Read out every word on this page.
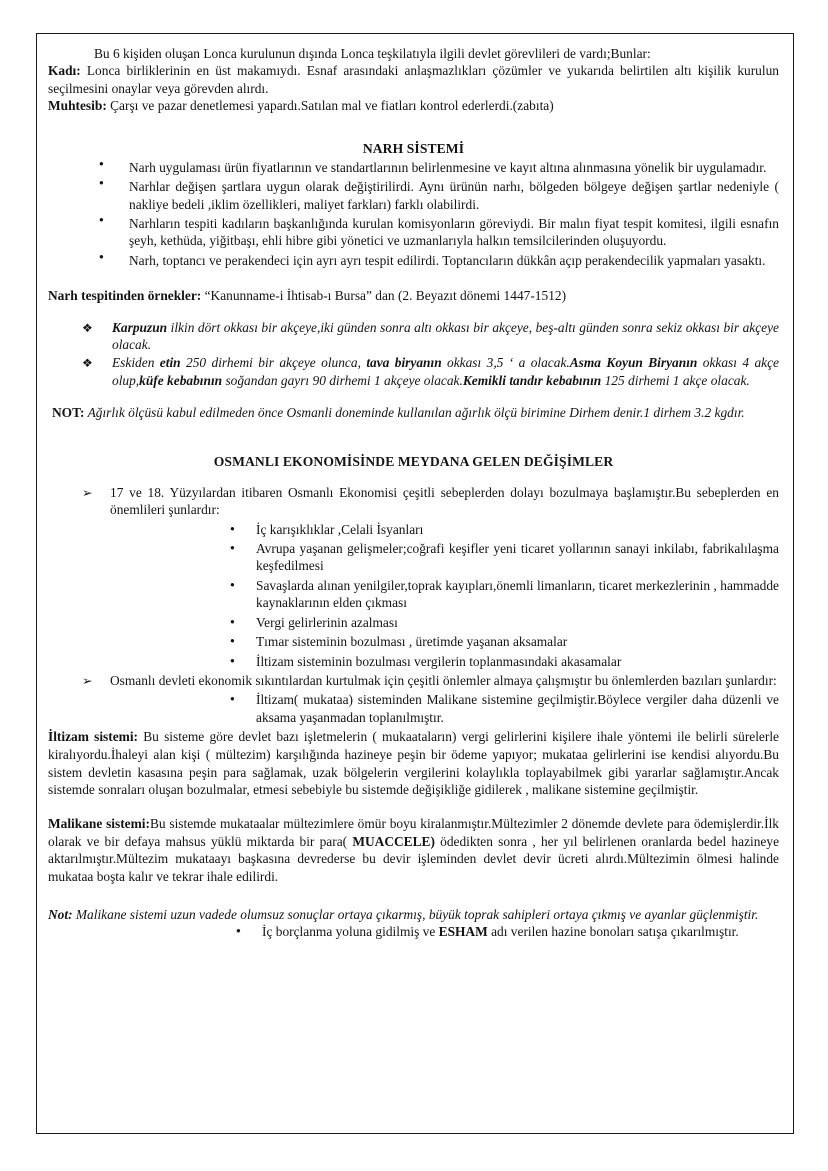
Bu 6 kişiden oluşan Lonca kurulunun dışında Lonca teşkilatıyla ilgili devlet görevlileri de vardı;Bunlar:

Kadı: Lonca birliklerinin en üst makamıydı. Esnaf arasındaki anlaşmazlıkları çözümler ve yukarıda belirtilen altı kişilik kurulun seçilmesini onaylar veya görevden alırdı.

Muhtesib: Çarşı ve pazar denetlemesi yapardı.Satılan mal ve fiatları kontrol ederlerdi.(zabıta)

NARH SİSTEMİ
●
Narh uygulaması ürün fiyatlarının ve standartlarının belirlenmesine ve kayıt altına alınmasına yönelik bir uygulamadır.
●
Narhlar değişen şartlara uygun olarak değiştirilirdi. Aynı ürünün narhı, bölgeden bölgeye değişen şartlar nedeniyle ( nakliye bedeli ,iklim özellikleri, maliyet farkları) farklı olabilirdi.
●
Narhların tespiti kadıların başkanlığında kurulan komisyonların göreviydi. Bir malın fiyat tespit komitesi, ilgili esnafın şeyh, kethüda, yiğitbaşı, ehli hibre gibi yönetici ve uzmanlarıyla halkın temsilcilerinden oluşuyordu.
●
Narh, toptancı ve perakendeci için ayrı ayrı tespit edilirdi. Toptancıların dükkân açıp perakendecilik yapmaları yasaktı.

Narh tespitinden örnekler: “Kanunname-i İhtisab-ı Bursa” dan (2. Beyazıt dönemi 1447-1512)

❖
Karpuzun ilkin dört okkası bir akçeye,iki günden sonra altı okkası bir akçeye, beş-altı günden sonra sekiz okkası bir akçeye olacak.
❖
Eskiden etin 250 dirhemi bir akçeye olunca, tava biryanın okkası 3,5 ‘ a olacak.Asma Koyun Biryanın okkası 4 akçe olup,küfe kebabının soğandan gayrı 90 dirhemi 1 akçeye olacak.Kemikli tandır kebabının 125 dirhemi 1 akçe olacak.

NOT: Ağırlık ölçüsü kabul edilmeden önce Osmanli doneminde kullanılan ağırlık ölçü birimine Dirhem denir.1 dirhem 3.2 kgdır.

OSMANLI EKONOMİSİNDE MEYDANA GELEN DEĞİŞİMLER
➢
17 ve 18. Yüzyılardan itibaren Osmanlı Ekonomisi çeşitli sebeplerden dolayı bozulmaya başlamıştır.Bu sebeplerden en önemlileri şunlardır:
●
İç karışıklıklar ,Celali İsyanları
●
Avrupa yaşanan gelişmeler;coğrafi keşifler yeni ticaret yollarının sanayi inkilabı, fabrikalılaşma keşfedilmesi
●
Savaşlarda alınan yenilgiler,toprak kayıpları,önemli limanların, ticaret merkezlerinin , hammadde kaynaklarının elden çıkması
●
Vergi gelirlerinin azalması
●
Tımar sisteminin bozulması , üretimde yaşanan aksamalar
●
İltizam sisteminin bozulması vergilerin toplanmasındaki akasamalar
➢
Osmanlı devleti ekonomik sıkıntılardan kurtulmak için çeşitli önlemler almaya çalışmıştır bu önlemlerden bazıları şunlardır:
●
İltizam( mukataa) sisteminden Malikane sistemine geçilmiştir.Böylece vergiler daha düzenli ve aksama yaşanmadan toplanılmıştır.

İltizam sistemi: Bu sisteme göre devlet bazı işletmelerin ( mukaataların) vergi gelirlerini kişilere ihale yöntemi ile belirli sürelerle kiralıyordu.İhaleyi alan kişi ( mültezim) karşılığında hazineye peşin bir ödeme yapıyor; mukataa gelirlerini ise kendisi alıyordu.Bu sistem devletin kasasına peşin para sağlamak, uzak bölgelerin vergilerini kolaylıkla toplayabilmek gibi yararlar sağlamıştır.Ancak sistemde sonraları oluşan bozulmalar, etmesi sebebiyle bu sistemde değişikliğe gidilerek , malikane sistemine geçilmiştir.

Malikane sistemi:Bu sistemde mukataalar mültezimlere ömür boyu kiralanmıştır.Mültezimler 2 dönemde devlete para ödemişlerdir.İlk olarak ve bir defaya mahsus yüklü miktarda bir para( MUACCELE) ödedikten sonra , her yıl belirlenen oranlarda bedel hazineye aktarılmıştır.Mültezim mukataayı başkasına devrederse bu devir işleminden devlet devir ücreti alırdı.Mültezimin ölmesi halinde mukataa boşta kalır ve tekrar ihale edilirdi.

Not: Malikane sistemi uzun vadede olumsuz sonuçlar ortaya çıkarmış, büyük toprak sahipleri ortaya çıkmış ve ayanlar güçlenmiştir.

●
İç borçlanma yoluna gidilmiş ve ESHAM adı verilen hazine bonoları satışa çıkarılmıştır.
